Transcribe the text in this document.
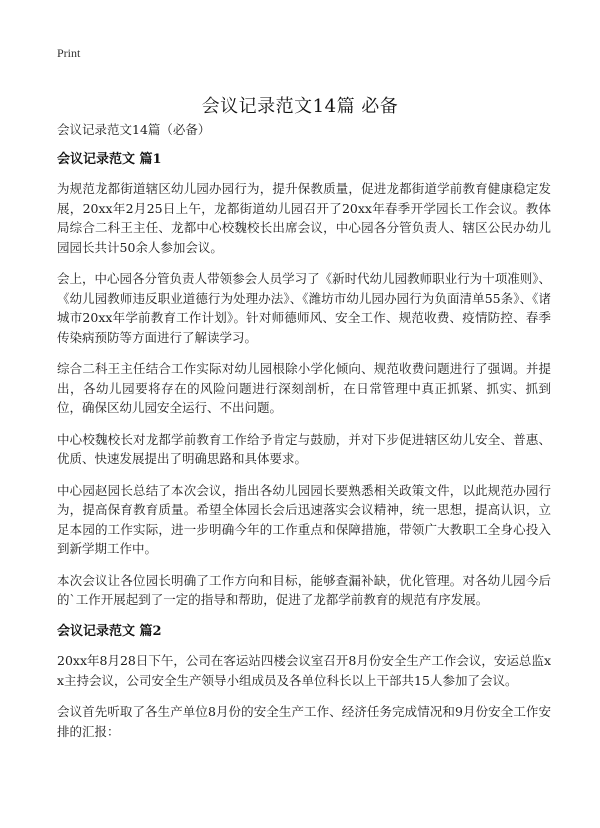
Print
会议记录范文14篇 必备

会议记录范文14篇（必备）

会议记录范文 篇1

为规范龙都街道辖区幼儿园办园行为，提升保教质量，促进龙都街道学前教育健康稳定发展，20xx年2月25日上午，龙都街道幼儿园召开了20xx年春季开学园长工作会议。教体局综合二科王主任、龙都中心校魏校长出席会议，中心园各分管负责人、辖区公民办幼儿园园长共计50余人参加会议。

会上，中心园各分管负责人带领参会人员学习了《新时代幼儿园教师职业行为十项准则》、《幼儿园教师违反职业道德行为处理办法》、《潍坊市幼儿园办园行为负面清单55条》、《诸城市20xx年学前教育工作计划》。针对师德师风、安全工作、规范收费、疫情防控、春季传染病预防等方面进行了解读学习。

综合二科王主任结合工作实际对幼儿园根除小学化倾向、规范收费问题进行了强调。并提出，各幼儿园要将存在的风险问题进行深刻剖析，在日常管理中真正抓紧、抓实、抓到位，确保区幼儿园安全运行、不出问题。

中心校魏校长对龙都学前教育工作给予肯定与鼓励，并对下步促进辖区幼儿安全、普惠、优质、快速发展提出了明确思路和具体要求。

中心园赵园长总结了本次会议，指出各幼儿园园长要熟悉相关政策文件，以此规范办园行为，提高保育教育质量。希望全体园长会后迅速落实会议精神，统一思想，提高认识，立足本园的工作实际，进一步明确今年的工作重点和保障措施，带领广大教职工全身心投入到新学期工作中。

本次会议让各位园长明确了工作方向和目标，能够查漏补缺，优化管理。对各幼儿园今后的`工作开展起到了一定的指导和帮助，促进了龙都学前教育的规范有序发展。

会议记录范文 篇2

20xx年8月28日下午，公司在客运站四楼会议室召开8月份安全生产工作会议，安运总监xx主持会议，公司安全生产领导小组成员及各单位科长以上干部共15人参加了会议。

会议首先听取了各生产单位8月份的安全生产工作、经济任务完成情况和9月份安全工作安排的汇报：
